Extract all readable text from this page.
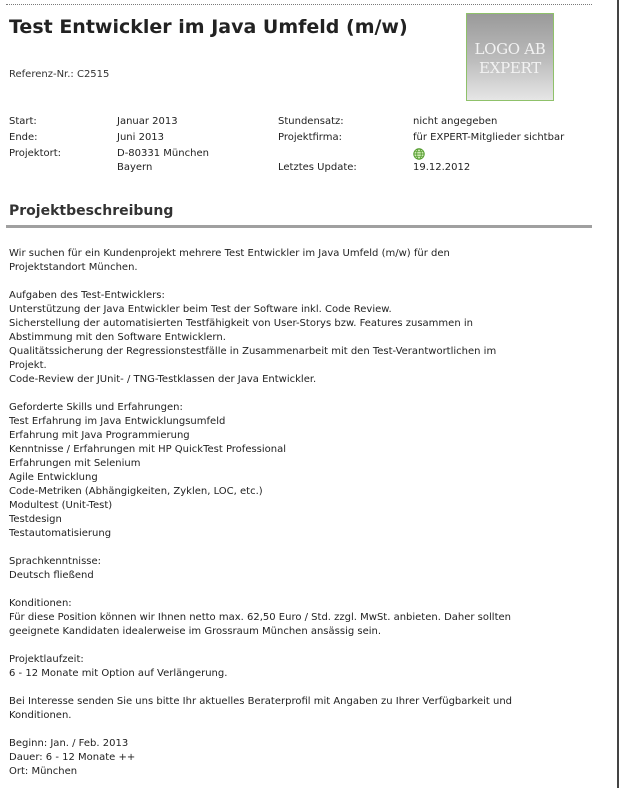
Test Entwickler im Java Umfeld (m/w)
Referenz-Nr.: C2515
LOGO AB EXPERT
Start:
Ende:
Projektort:
Januar 2013
Juni 2013
D-80331 München
Bayern
Stundensatz:
Projektfirma:
Letztes Update:
nicht angegeben
für EXPERT-Mitglieder sichtbar
19.12.2012
Projektbeschreibung
Wir suchen für ein Kundenprojekt mehrere Test Entwickler im Java Umfeld (m/w) für den
Projektstandort München.

Aufgaben des Test-Entwicklers:
Unterstützung der Java Entwickler beim Test der Software inkl. Code Review.
Sicherstellung der automatisierten Testfähigkeit von User-Storys bzw. Features zusammen in
Abstimmung mit den Software Entwicklern.
Qualitätssicherung der Regressionstestfälle in Zusammenarbeit mit den Test-Verantwortlichen im
Projekt.
Code-Review der JUnit- / TNG-Testklassen der Java Entwickler.

Geforderte Skills und Erfahrungen:
Test Erfahrung im Java Entwicklungsumfeld
Erfahrung mit Java Programmierung
Kenntnisse / Erfahrungen mit HP QuickTest Professional
Erfahrungen mit Selenium
Agile Entwicklung
Code-Metriken (Abhängigkeiten, Zyklen, LOC, etc.)
Modultest (Unit-Test)
Testdesign
Testautomatisierung

Sprachkenntnisse:
Deutsch fließend

Konditionen:
Für diese Position können wir Ihnen netto max. 62,50 Euro / Std. zzgl. MwSt. anbieten. Daher sollten
geeignete Kandidaten idealerweise im Grossraum München ansässig sein.

Projektlaufzeit:
6 - 12 Monate mit Option auf Verlängerung.

Bei Interesse senden Sie uns bitte Ihr aktuelles Beraterprofil mit Angaben zu Ihrer Verfügbarkeit und
Konditionen.

Beginn: Jan. / Feb. 2013
Dauer: 6 - 12 Monate ++
Ort: München
